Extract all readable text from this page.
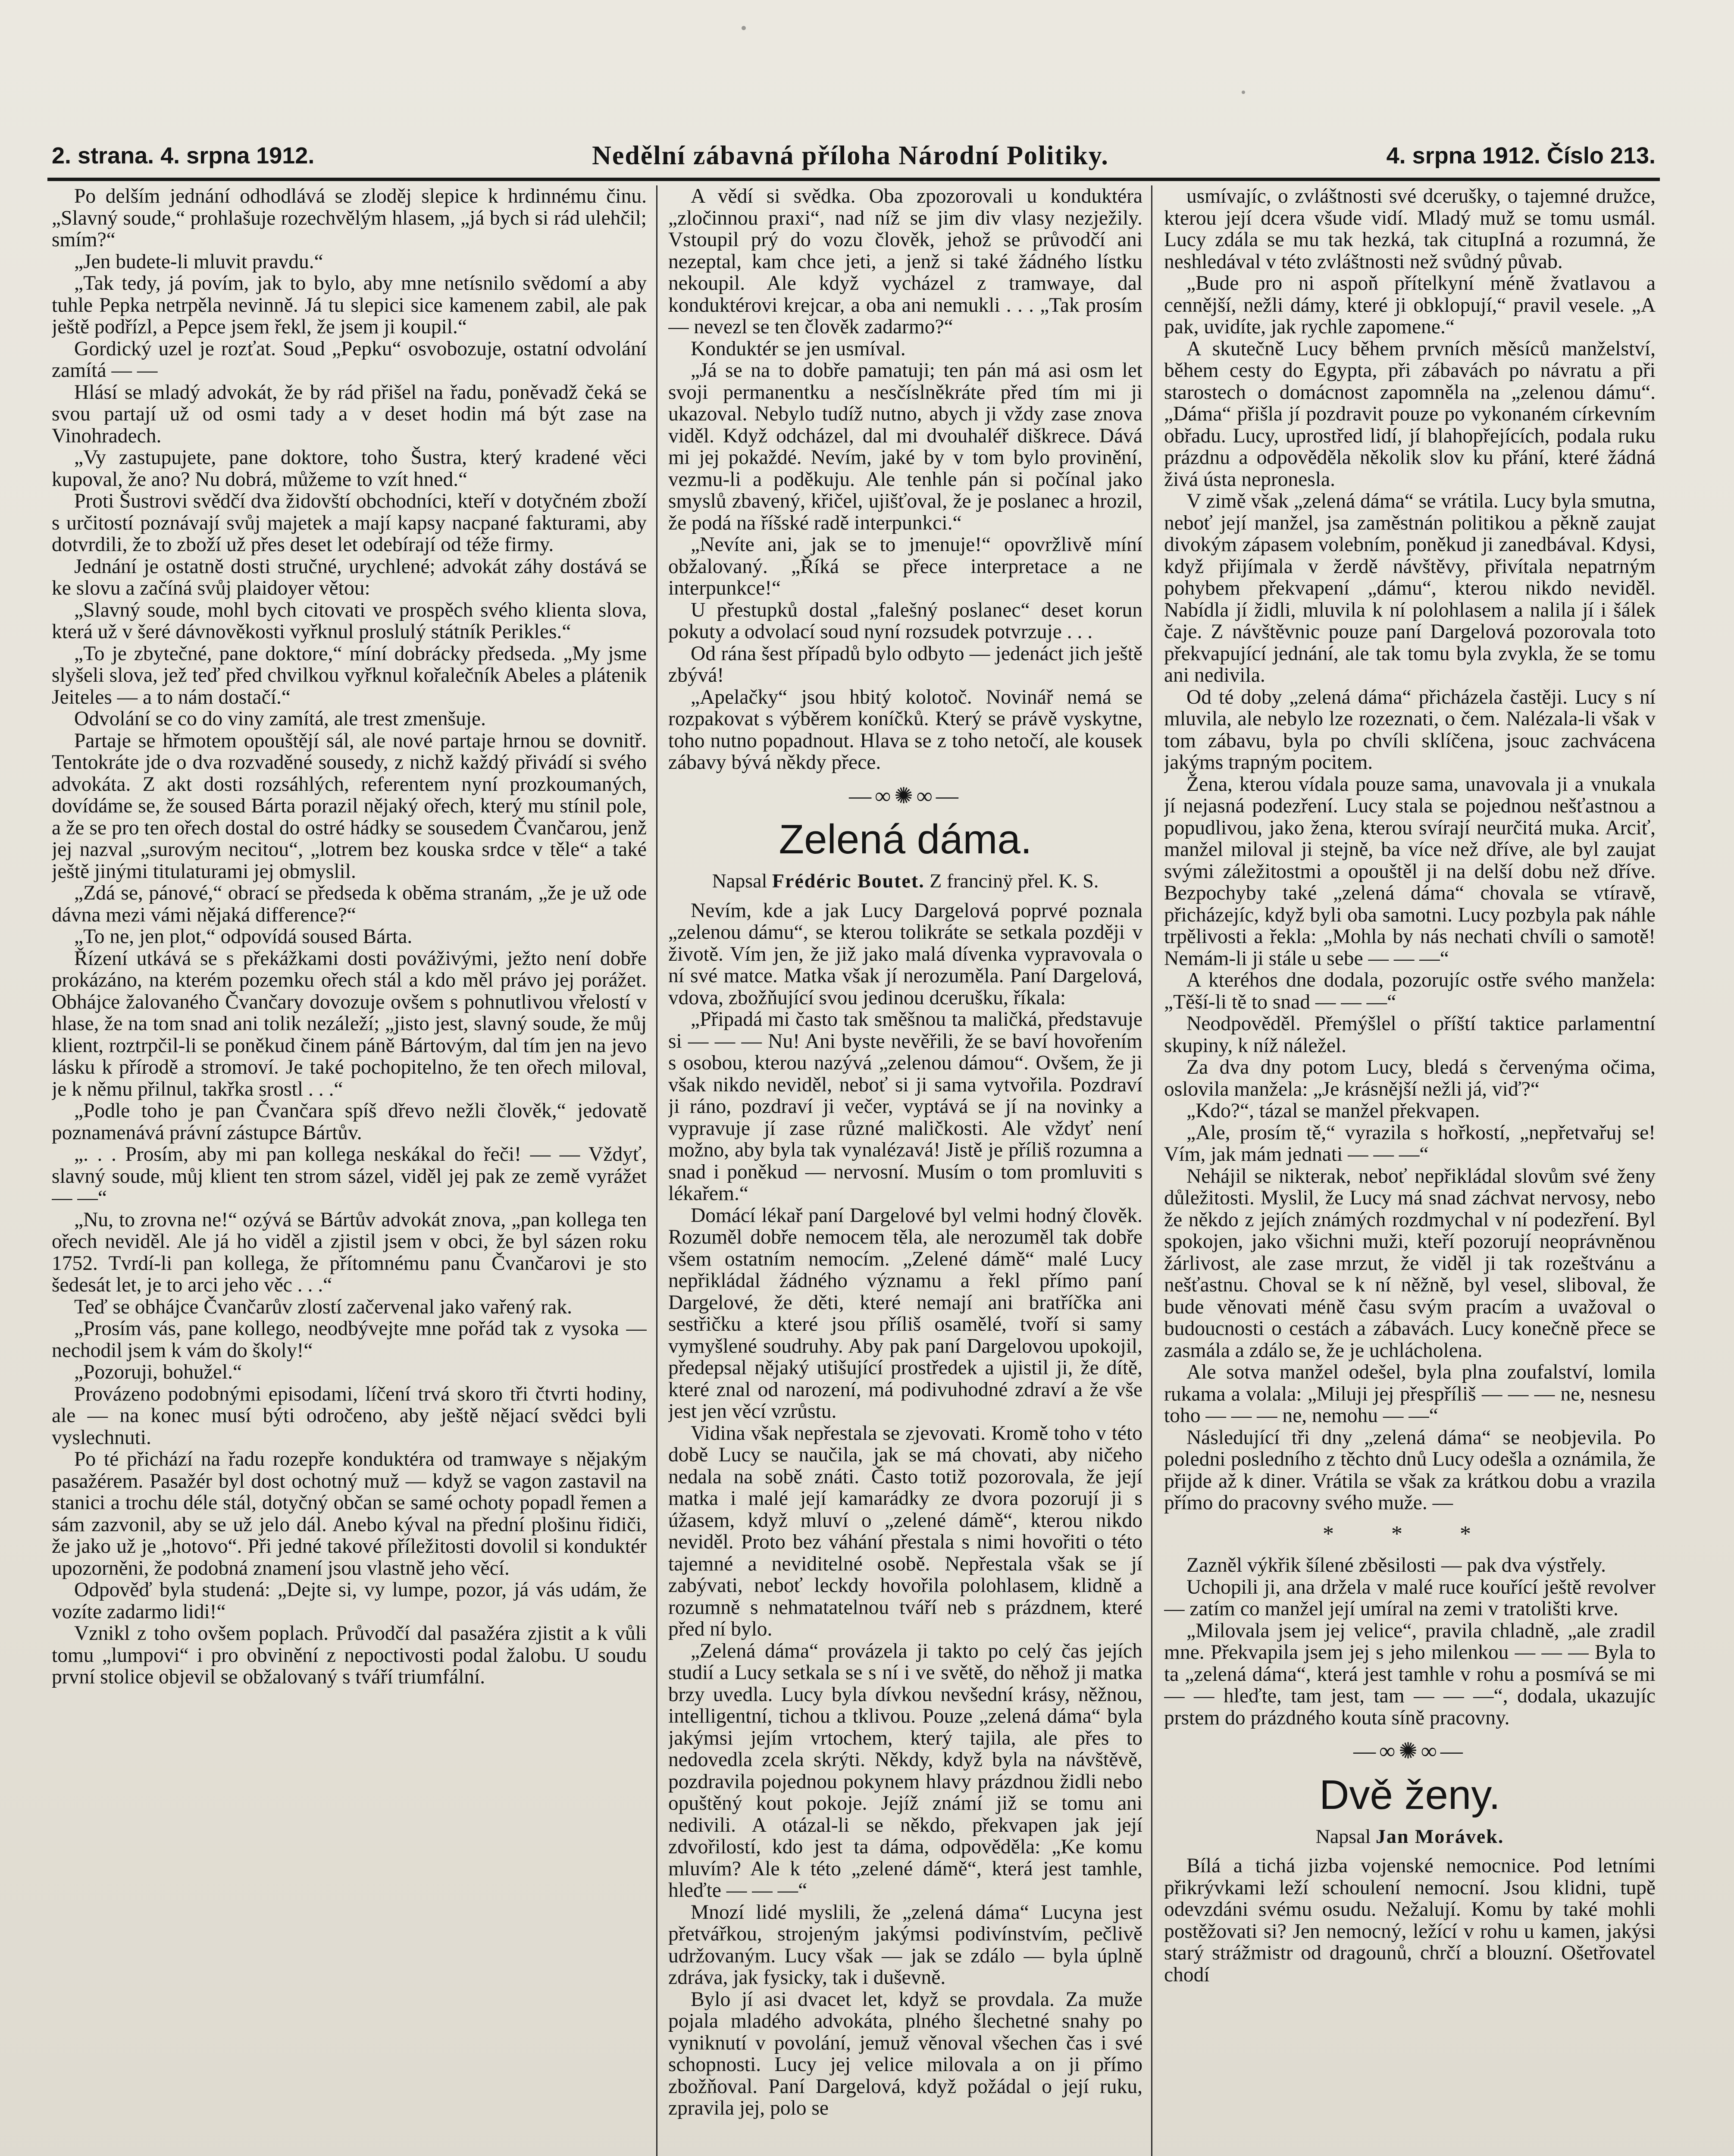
2. strana. 4. srpna 1912.	Nedělní zábavná příloha Národní Politiky.	4. srpna 1912. Číslo 213.

Po delším jednání odhodlává se zloděj slepice k hrdinnému činu. „Slavný soude,“ prohlašuje rozechvělým hlasem, „já bych si rád ulehčil; smím?“

„Jen budete-li mluvit pravdu.“

„Tak tedy, já povím, jak to bylo, aby mne netísnilo svědomí a aby tuhle Pepka netrpěla nevinně. Já tu slepici sice kamenem zabil, ale pak ještě podřízl, a Pepce jsem řekl, že jsem ji koupil.“

Gordický uzel je rozťat. Soud „Pepku“ osvobozuje, ostatní odvolání zamítá — —

Hlásí se mladý advokát, že by rád přišel na řadu, poněvadž čeká se svou partají už od osmi tady a v deset hodin má být zase na Vinohradech.

„Vy zastupujete, pane doktore, toho Šustra, který kradené věci kupoval, že ano? Nu dobrá, můžeme to vzít hned.“

Proti Šustrovi svědčí dva židovští obchodníci, kteří v dotyčném zboží s určitostí poznávají svůj majetek a mají kapsy nacpané fakturami, aby dotvrdili, že to zboží už přes deset let odebírají od téže firmy.

Jednání je ostatně dosti stručné, urychlené; advokát záhy dostává se ke slovu a začíná svůj plaidoyer větou:

„Slavný soude, mohl bych citovati ve prospěch svého klienta slova, která už v šeré dávnověkosti vyřknul proslulý státník Perikles.“

„To je zbytečné, pane doktore,“ míní dobrácky předseda. „My jsme slyšeli slova, jež teď před chvilkou vyřknul kořalečník Abeles a plátenik Jeiteles — a to nám dostačí.“

Odvolání se co do viny zamítá, ale trest zmenšuje.

Partaje se hřmotem opouštějí sál, ale nové partaje hrnou se dovnitř. Tentokráte jde o dva rozvaděné sousedy, z nichž každý přivádí si svého advokáta. Z akt dosti rozsáhlých, referentem nyní prozkoumaných, dovídáme se, že soused Bárta porazil nějaký ořech, který mu stínil pole, a že se pro ten ořech dostal do ostré hádky se sousedem Čvančarou, jenž jej nazval „surovým necitou“, „lotrem bez kouska srdce v těle“ a také ještě jinými titulaturami jej obmyslil.

„Zdá se, pánové,“ obrací se předseda k oběma stranám, „že je už ode dávna mezi vámi nějaká difference?“

„To ne, jen plot,“ odpovídá soused Bárta.

Řízení utkává se s překážkami dosti pováživými, ježto není dobře prokázáno, na kterém pozemku ořech stál a kdo měl právo jej porážet. Obhájce žalovaného Čvančary dovozuje ovšem s pohnutlivou vřelostí v hlase, že na tom snad ani tolik nezáleží; „jisto jest, slavný soude, že můj klient, roztrpčil-li se poněkud činem páně Bártovým, dal tím jen na jevo lásku k přírodě a stromoví. Je také pochopitelno, že ten ořech miloval, je k němu přilnul, takřka srostl . . .“

„Podle toho je pan Čvančara spíš dřevo nežli člověk,“ jedovatě poznamenává právní zástupce Bártův.

„. . . Prosím, aby mi pan kollega neskákal do řeči! — — Vždyť, slavný soude, můj klient ten strom sázel, viděl jej pak ze země vyrážet — —“

„Nu, to zrovna ne!“ ozývá se Bártův advokát znova, „pan kollega ten ořech neviděl. Ale já ho viděl a zjistil jsem v obci, že byl sázen roku 1752. Tvrdí-li pan kollega, že přítomnému panu Čvančarovi je sto šedesát let, je to arci jeho věc . . .“

Teď se obhájce Čvančarův zlostí začervenal jako vařený rak.

„Prosím vás, pane kollego, neodbývejte mne pořád tak z vysoka — nechodil jsem k vám do školy!“

„Pozoruji, bohužel.“

Provázeno podobnými episodami, líčení trvá skoro tři čtvrti hodiny, ale — na konec musí býti odročeno, aby ještě nějací svědci byli vyslechnuti.

Po té přichází na řadu rozepře konduktéra od tramwaye s nějakým pasažérem. Pasažér byl dost ochotný muž — když se vagon zastavil na stanici a trochu déle stál, dotyčný občan se samé ochoty popadl řemen a sám zazvonil, aby se už jelo dál. Anebo kýval na přední plošinu řidiči, že jako už je „hotovo“. Při jedné takové příležitosti dovolil si konduktér upozorněni, že podobná znamení jsou vlastně jeho věcí.

Odpověď byla studená: „Dejte si, vy lumpe, pozor, já vás udám, že vozíte zadarmo lidi!“

Vznikl z toho ovšem poplach. Průvodčí dal pasažéra zjistit a k vůli tomu „lumpovi“ i pro obvinění z nepoctivosti podal žalobu. U soudu první stolice objevil se obžalovaný s tváří triumfální.

A vědí si svědka. Oba zpozorovali u konduktéra „zločinnou praxi“, nad níž se jim div vlasy nezježily. Vstoupil prý do vozu člověk, jehož se průvodčí ani nezeptal, kam chce jeti, a jenž si také žádného lístku nekoupil. Ale když vycházel z tramwaye, dal konduktérovi krejcar, a oba ani nemukli . . . „Tak prosím — nevezl se ten člověk zadarmo?“

Konduktér se jen usmíval.

„Já se na to dobře pamatuji; ten pán má asi osm let svoji permanentku a nesčíslněkráte před tím mi ji ukazoval. Nebylo tudíž nutno, abych ji vždy zase znova viděl. Když odcházel, dal mi dvouhaléř diškrece. Dává mi jej pokaždé. Nevím, jaké by v tom bylo provinění, vezmu-li a poděkuju. Ale tenhle pán si počínal jako smyslů zbavený, křičel, ujišťoval, že je poslanec a hrozil, že podá na říšské radě interpunkci.“

„Nevíte ani, jak se to jmenuje!“ opovržlivě míní obžalovaný. „Říká se přece interpretace a ne interpunkce!“

U přestupků dostal „falešný poslanec“ deset korun pokuty a odvolací soud nyní rozsudek potvrzuje . . .

Od rána šest případů bylo odbyto — jedenáct jich ještě zbývá!

„Apelačky“ jsou hbitý kolotoč. Novinář nemá se rozpakovat s výběrem koníčků. Který se právě vyskytne, toho nutno popadnout. Hlava se z toho netočí, ale kousek zábavy bývá někdy přece.

—∞✺∞—
Zelená dáma.
Napsal Frédéric Boutet. Z francinÿ přel. K. S.

Nevím, kde a jak Lucy Dargelová poprvé poznala „zelenou dámu“, se kterou tolikráte se setkala později v životě. Vím jen, že již jako malá dívenka vypravovala o ní své matce. Matka však jí nerozuměla. Paní Dargelová, vdova, zbožňující svou jedinou dcerušku, říkala:

„Připadá mi často tak směšnou ta maličká, představuje si — — — Nu! Ani byste nevěřili, že se baví hovořením s osobou, kterou nazývá „zelenou dámou“. Ovšem, že ji však nikdo neviděl, neboť si ji sama vytvořila. Pozdraví ji ráno, pozdraví ji večer, vyptává se jí na novinky a vypravuje jí zase různé maličkosti. Ale vždyť není možno, aby byla tak vynalézavá! Jistě je příliš rozumna a snad i poněkud — nervosní. Musím o tom promluviti s lékařem.“

Domácí lékař paní Dargelové byl velmi hodný člověk. Rozuměl dobře nemocem těla, ale nerozuměl tak dobře všem ostatním nemocím. „Zelené dámě“ malé Lucy nepřikládal žádného významu a řekl přímo paní Dargelové, že děti, které nemají ani bratříčka ani sestřičku a které jsou příliš osamělé, tvoří si samy vymyšlené soudruhy. Aby pak paní Dargelovou upokojil, předepsal nějaký utišující prostředek a ujistil ji, že dítě, které znal od narození, má podivuhodné zdraví a že vše jest jen věcí vzrůstu.

Vidina však nepřestala se zjevovati. Kromě toho v této době Lucy se naučila, jak se má chovati, aby ničeho nedala na sobě znáti. Často totiž pozorovala, že její matka i malé její kamarádky ze dvora pozorují ji s úžasem, když mluví o „zelené dámě“, kterou nikdo neviděl. Proto bez váhání přestala s nimi hovořiti o této tajemné a neviditelné osobě. Nepřestala však se jí zabývati, neboť leckdy hovořila polohlasem, klidně a rozumně s nehmatatelnou tváří neb s prázdnem, které před ní bylo.

„Zelená dáma“ provázela ji takto po celý čas jejích studií a Lucy setkala se s ní i ve světě, do něhož ji matka brzy uvedla. Lucy byla dívkou nevšední krásy, něžnou, intelligentní, tichou a tklivou. Pouze „zelená dáma“ byla jakýmsi jejím vrtochem, který tajila, ale přes to nedovedla zcela skrýti. Někdy, když byla na návštěvě, pozdravila pojednou pokynem hlavy prázdnou židli nebo opuštěný kout pokoje. Jejíž známí již se tomu ani nedivili. A otázal-li se někdo, překvapen jak její zdvořilostí, kdo jest ta dáma, odpověděla: „Ke komu mluvím? Ale k této „zelené dámě“, která jest tamhle, hleďte — — —“

Mnozí lidé myslili, že „zelená dáma“ Lucyna jest přetvářkou, strojeným jakýmsi podivínstvím, pečlivě udržovaným. Lucy však — jak se zdálo — byla úplně zdráva, jak fysicky, tak i duševně.

Bylo jí asi dvacet let, když se provdala. Za muže pojala mladého advokáta, plného šlechetné snahy po vyniknutí v povolání, jemuž věnoval všechen čas i své schopnosti. Lucy jej velice milovala a on ji přímo zbožňoval. Paní Dargelová, když požádal o její ruku, zpravila jej, polo se

usmívajíc, o zvláštnosti své dcerušky, o tajemné družce, kterou její dcera všude vidí. Mladý muž se tomu usmál. Lucy zdála se mu tak hezká, tak citupIná a rozumná, že neshledával v této zvláštnosti než svůdný půvab.

„Bude pro ni aspoň přítelkyní méně žvatlavou a cennější, nežli dámy, které ji obklopují,“ pravil vesele. „A pak, uvidíte, jak rychle zapomene.“

A skutečně Lucy během prvních měsíců manželství, během cesty do Egypta, při zábavách po návratu a při starostech o domácnost zapomněla na „zelenou dámu“. „Dáma“ přišla jí pozdravit pouze po vykonaném církevním obřadu. Lucy, uprostřed lidí, jí blahopřejících, podala ruku prázdnu a odpověděla několik slov ku přání, které žádná živá ústa nepronesla.

V zimě však „zelená dáma“ se vrátila. Lucy byla smutna, neboť její manžel, jsa zaměstnán politikou a pěkně zaujat divokým zápasem volebním, poněkud ji zanedbával. Kdysi, když přijímala v žerdě návštěvy, přivítala nepatrným pohybem překvapení „dámu“, kterou nikdo neviděl. Nabídla jí židli, mluvila k ní polohlasem a nalila jí i šálek čaje. Z návštěvnic pouze paní Dargelová pozorovala toto překvapující jednání, ale tak tomu byla zvykla, že se tomu ani nedivila.

Od té doby „zelená dáma“ přicházela častěji. Lucy s ní mluvila, ale nebylo lze rozeznati, o čem. Nalézala-li však v tom zábavu, byla po chvíli sklíčena, jsouc zachvácena jakýms trapným pocitem.

Žena, kterou vídala pouze sama, unavovala ji a vnukala jí nejasná podezření. Lucy stala se pojednou nešťastnou a popudlivou, jako žena, kterou svírají neurčitá muka. Arciť, manžel miloval ji stejně, ba více než dříve, ale byl zaujat svými záležitostmi a opouštěl ji na delší dobu než dříve. Bezpochyby také „zelená dáma“ chovala se vtíravě, přicházejíc, když byli oba samotni. Lucy pozbyla pak náhle trpělivosti a řekla: „Mohla by nás nechati chvíli o samotě! Nemám-li ji stále u sebe — — —“

A kteréhos dne dodala, pozorujíc ostře svého manžela: „Těší-li tě to snad — — —“

Neodpověděl. Přemýšlel o příští taktice parlamentní skupiny, k níž náležel.

Za dva dny potom Lucy, bledá s červenýma očima, oslovila manžela: „Je krásnější nežli já, viď?“

„Kdo?“, tázal se manžel překvapen.

„Ale, prosím tě,“ vyrazila s hořkostí, „nepřetvařuj se! Vím, jak mám jednati — — —“

Nehájil se nikterak, neboť nepřikládal slovům své ženy důležitosti. Myslil, že Lucy má snad záchvat nervosy, nebo že někdo z jejích známých rozdmychal v ní podezření. Byl spokojen, jako všichni muži, kteří pozorují neoprávněnou žárlivost, ale zase mrzut, že viděl ji tak rozeštvánu a nešťastnu. Choval se k ní něžně, byl vesel, sliboval, že bude věnovati méně času svým pracím a uvažoval o budoucnosti o cestách a zábavách. Lucy konečně přece se zasmála a zdálo se, že je uchlácholena.

Ale sotva manžel odešel, byla plna zoufalství, lomila rukama a volala: „Miluji jej přespříliš — — — ne, nesnesu toho — — — ne, nemohu — —“

Následující tři dny „zelená dáma“ se neobjevila. Po poledni posledního z těchto dnů Lucy odešla a oznámila, že přijde až k diner. Vrátila se však za krátkou dobu a vrazila přímo do pracovny svého muže. —

* * *

Zazněl výkřik šílené zběsilosti — pak dva výstřely.

Uchopili ji, ana držela v malé ruce kouřící ještě revolver — zatím co manžel její umíral na zemi v tratolišti krve.

„Milovala jsem jej velice“, pravila chladně, „ale zradil mne. Překvapila jsem jej s jeho milenkou — — — Byla to ta „zelená dáma“, která jest tamhle v rohu a posmívá se mi — — hleďte, tam jest, tam — — —“, dodala, ukazujíc prstem do prázdného kouta síně pracovny.

—∞✺∞—
Dvě ženy.
Napsal Jan Morávek.

Bílá a tichá jizba vojenské nemocnice. Pod letními přikrývkami leží schoulení nemocní. Jsou klidni, tupě odevzdáni svému osudu. Nežalují. Komu by také mohli postěžovati si? Jen nemocný, ležící v rohu u kamen, jakýsi starý strážmistr od dragounů, chrčí a blouzní. Ošetřovatel chodí
